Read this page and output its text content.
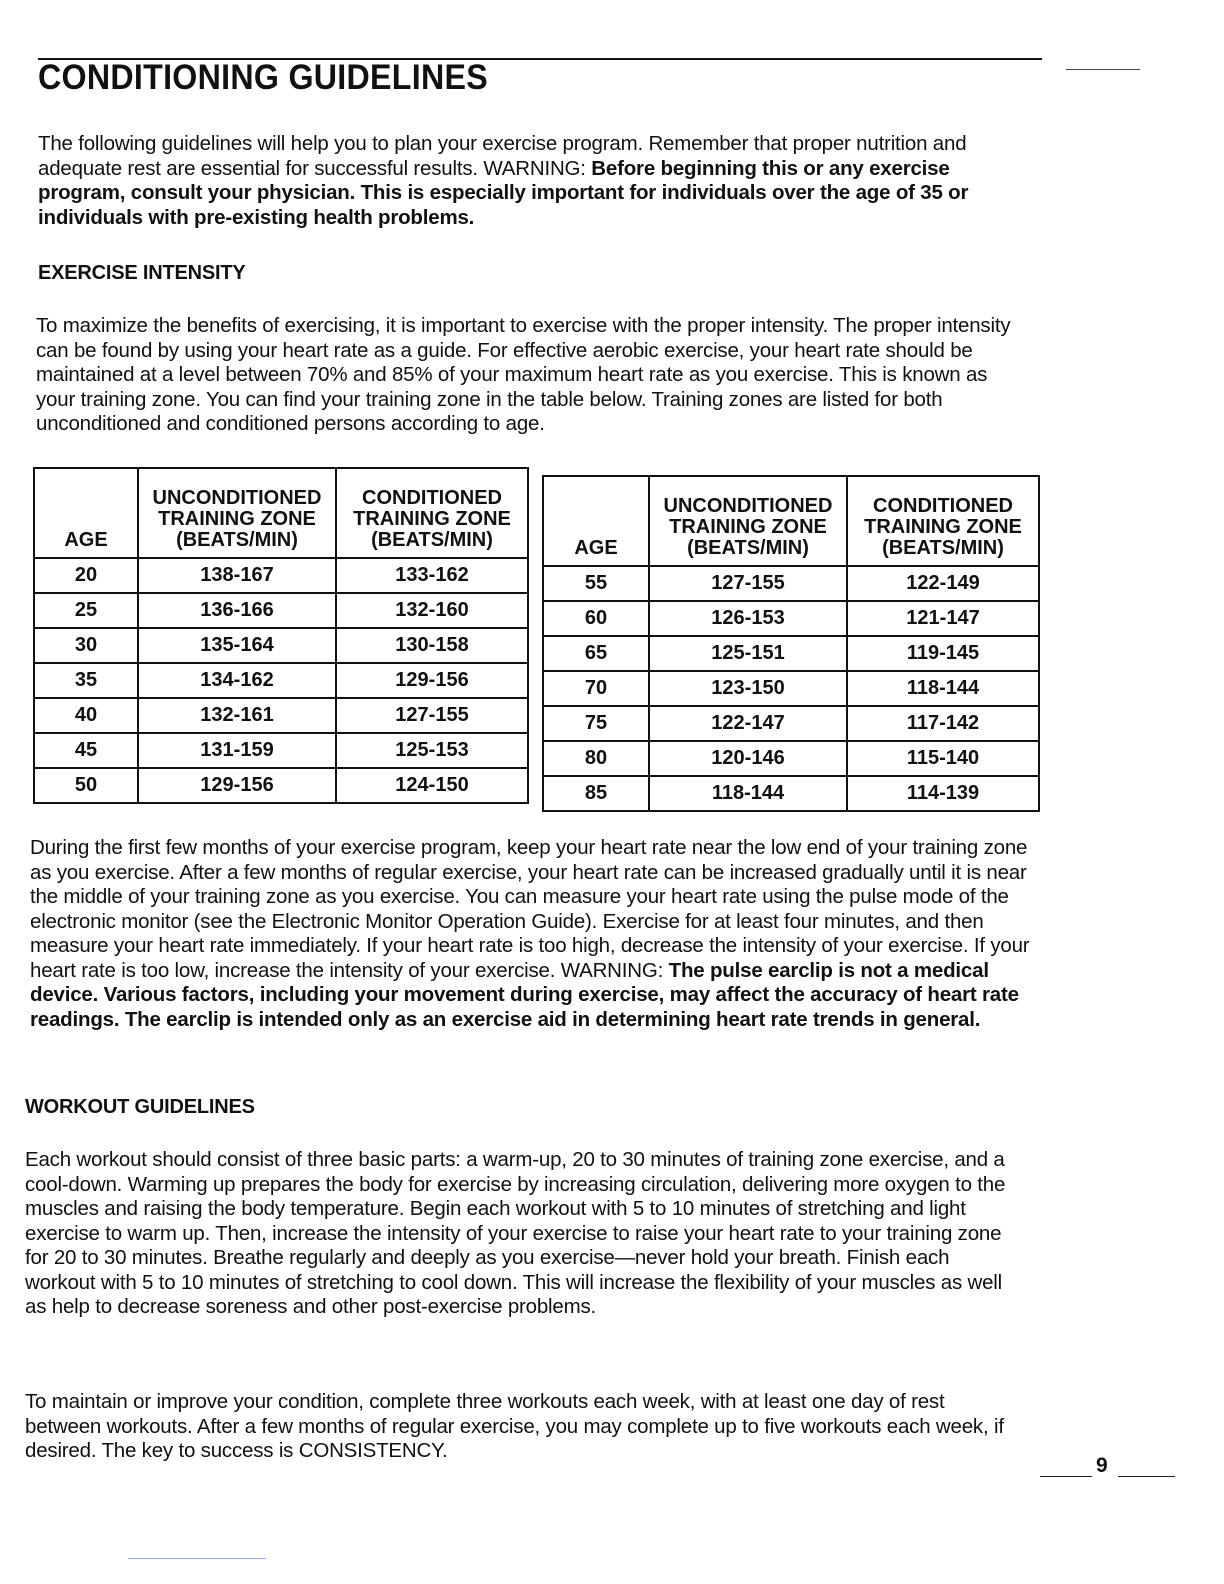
CONDITIONING GUIDELINES

The following guidelines will help you to plan your exercise program. Remember that proper nutrition and adequate rest are essential for successful results. WARNING: Before beginning this or any exercise program, consult your physician. This is especially important for individuals over the age of 35 or individuals with pre-existing health problems.

EXERCISE INTENSITY

To maximize the benefits of exercising, it is important to exercise with the proper intensity. The proper intensity can be found by using your heart rate as a guide. For effective aerobic exercise, your heart rate should be maintained at a level between 70% and 85% of your maximum heart rate as you exercise. This is known as your training zone. You can find your training zone in the table below. Training zones are listed for both unconditioned and conditioned persons according to age.

AGE	UNCONDITIONED TRAINING ZONE (BEATS/MIN)	CONDITIONED TRAINING ZONE (BEATS/MIN)
20	138-167	133-162
25	136-166	132-160
30	135-164	130-158
35	134-162	129-156
40	132-161	127-155
45	131-159	125-153
50	129-156	124-150
AGE	UNCONDITIONED TRAINING ZONE (BEATS/MIN)	CONDITIONED TRAINING ZONE (BEATS/MIN)
55	127-155	122-149
60	126-153	121-147
65	125-151	119-145
70	123-150	118-144
75	122-147	117-142
80	120-146	115-140
85	118-144	114-139

During the first few months of your exercise program, keep your heart rate near the low end of your training zone as you exercise. After a few months of regular exercise, your heart rate can be increased gradually until it is near the middle of your training zone as you exercise. You can measure your heart rate using the pulse mode of the electronic monitor (see the Electronic Monitor Operation Guide). Exercise for at least four minutes, and then measure your heart rate immediately. If your heart rate is too high, decrease the intensity of your exercise. If your heart rate is too low, increase the intensity of your exercise. WARNING: The pulse earclip is not a medical device. Various factors, including your movement during exercise, may affect the accuracy of heart rate readings. The earclip is intended only as an exercise aid in determining heart rate trends in general.

WORKOUT GUIDELINES

Each workout should consist of three basic parts: a warm-up, 20 to 30 minutes of training zone exercise, and a cool-down. Warming up prepares the body for exercise by increasing circulation, delivering more oxygen to the muscles and raising the body temperature. Begin each workout with 5 to 10 minutes of stretching and light exercise to warm up. Then, increase the intensity of your exercise to raise your heart rate to your training zone for 20 to 30 minutes. Breathe regularly and deeply as you exercise—never hold your breath. Finish each workout with 5 to 10 minutes of stretching to cool down. This will increase the flexibility of your muscles as well as help to decrease soreness and other post-exercise problems.

To maintain or improve your condition, complete three workouts each week, with at least one day of rest between workouts. After a few months of regular exercise, you may complete up to five workouts each week, if desired. The key to success is CONSISTENCY.

9
